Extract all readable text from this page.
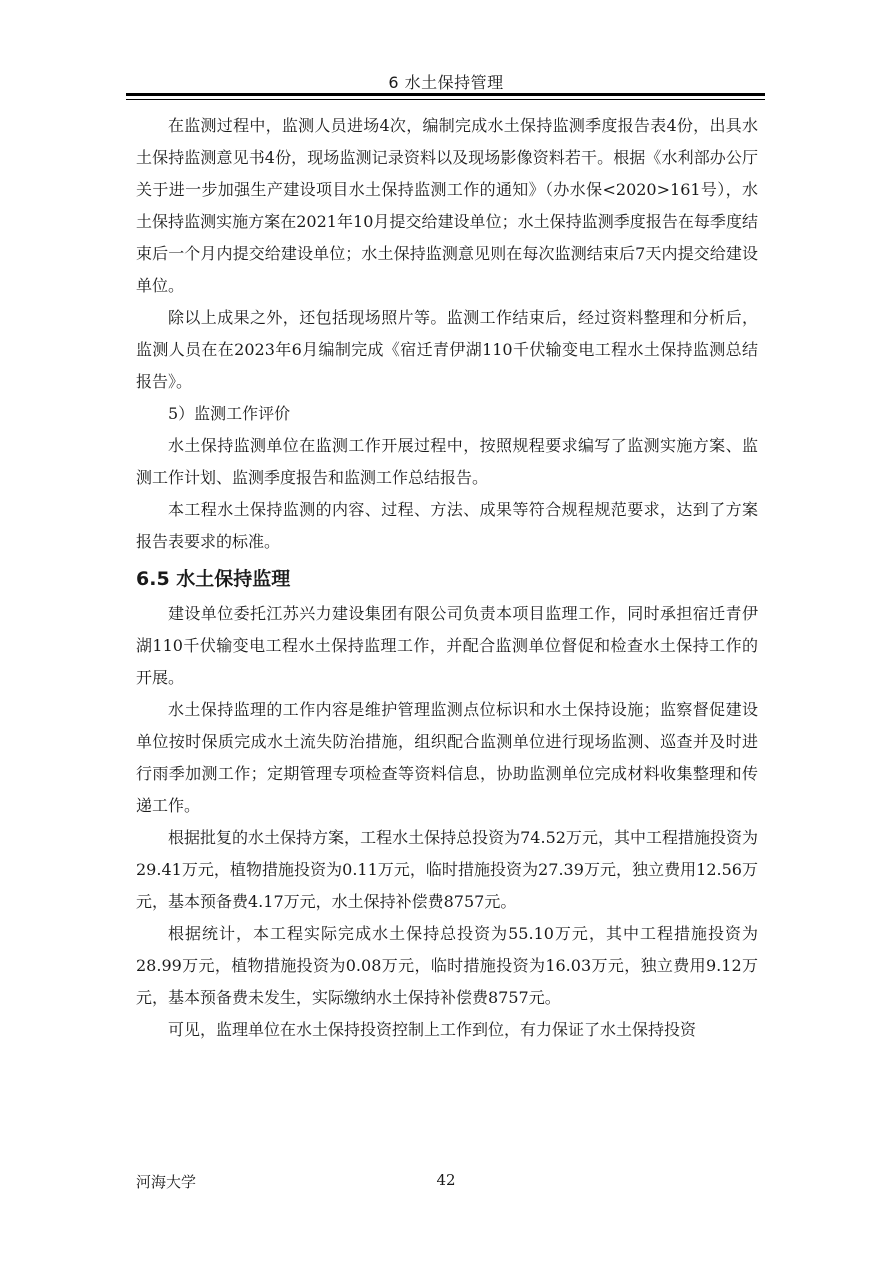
6 水土保持管理

在监测过程中，监测人员进场4次，编制完成水土保持监测季度报告表4份，出具水土保持监测意见书4份，现场监测记录资料以及现场影像资料若干。根据《水利部办公厅关于进一步加强生产建设项目水土保持监测工作的通知》（办水保<2020>161号），水土保持监测实施方案在2021年10月提交给建设单位；水土保持监测季度报告在每季度结束后一个月内提交给建设单位；水土保持监测意见则在每次监测结束后7天内提交给建设单位。

除以上成果之外，还包括现场照片等。监测工作结束后，经过资料整理和分析后，监测人员在在2023年6月编制完成《宿迁青伊湖110千伏输变电工程水土保持监测总结报告》。

5）监测工作评价

水土保持监测单位在监测工作开展过程中，按照规程要求编写了监测实施方案、监测工作计划、监测季度报告和监测工作总结报告。

本工程水土保持监测的内容、过程、方法、成果等符合规程规范要求，达到了方案报告表要求的标准。

6.5 水土保持监理

建设单位委托江苏兴力建设集团有限公司负责本项目监理工作，同时承担宿迁青伊湖110千伏输变电工程水土保持监理工作，并配合监测单位督促和检查水土保持工作的开展。

水土保持监理的工作内容是维护管理监测点位标识和水土保持设施；监察督促建设单位按时保质完成水土流失防治措施，组织配合监测单位进行现场监测、巡查并及时进行雨季加测工作；定期管理专项检查等资料信息，协助监测单位完成材料收集整理和传递工作。

根据批复的水土保持方案，工程水土保持总投资为74.52万元，其中工程措施投资为29.41万元，植物措施投资为0.11万元，临时措施投资为27.39万元，独立费用12.56万元，基本预备费4.17万元，水土保持补偿费8757元。

根据统计，本工程实际完成水土保持总投资为55.10万元，其中工程措施投资为28.99万元，植物措施投资为0.08万元，临时措施投资为16.03万元，独立费用9.12万元，基本预备费未发生，实际缴纳水土保持补偿费8757元。

可见，监理单位在水土保持投资控制上工作到位，有力保证了水土保持投资

河海大学	42
